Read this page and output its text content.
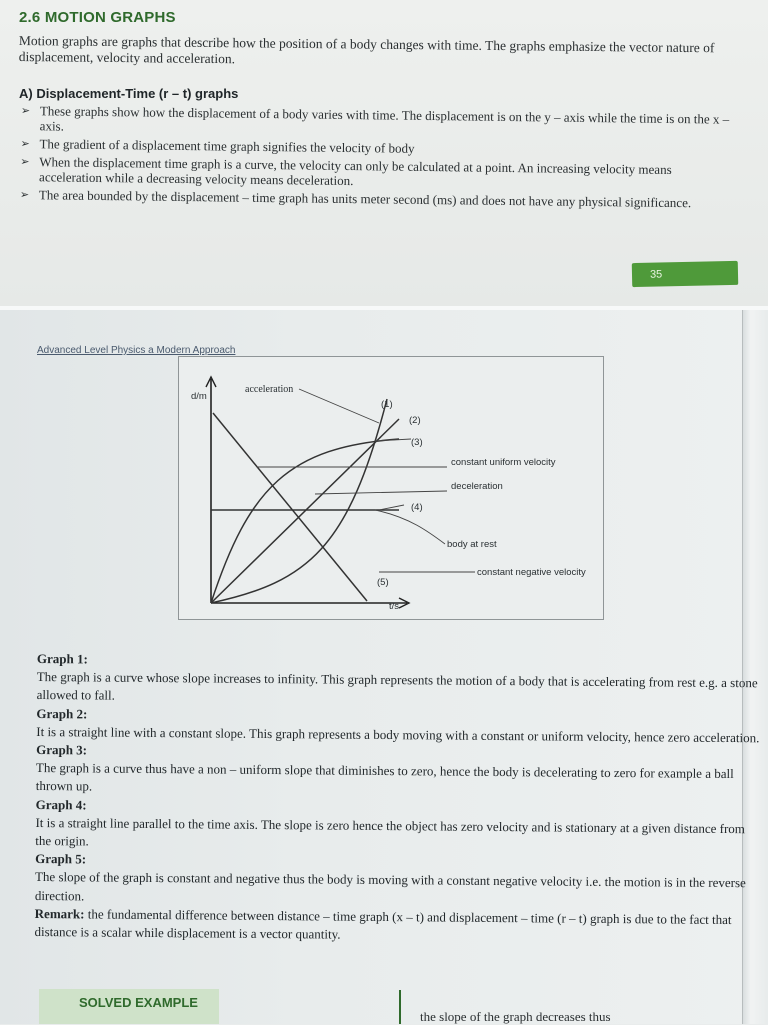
2.6 MOTION GRAPHS
Motion graphs are graphs that describe how the position of a body changes with time. The graphs emphasize the vector nature of displacement, velocity and acceleration.
A) Displacement-Time (r – t) graphs
➢ These graphs show how the displacement of a body varies with time. The displacement is on the y – axis while the time is on the x – axis.
➢ The gradient of a displacement time graph signifies the velocity of body
➢ When the displacement time graph is a curve, the velocity can only be calculated at a point. An increasing velocity means acceleration while a decreasing velocity means deceleration.
➢ The area bounded by the displacement – time graph has units meter second (ms) and does not have any physical significance.
35
Advanced Level Physics a Modern Approach
d/m
t/s
acceleration
(1)
(2)
(3)
(4)
(5)
constant uniform velocity
deceleration
body at rest
constant negative velocity
Graph 1:
The graph is a curve whose slope increases to infinity. This graph represents the motion of a body that is accelerating from rest e.g. a stone allowed to fall.
Graph 2:
It is a straight line with a constant slope. This graph represents a body moving with a constant or uniform velocity, hence zero acceleration.
Graph 3:
The graph is a curve thus have a non – uniform slope that diminishes to zero, hence the body is decelerating to zero for example a ball thrown up.
Graph 4:
It is a straight line parallel to the time axis. The slope is zero hence the object has zero velocity and is stationary at a given distance from the origin.
Graph 5:
The slope of the graph is constant and negative thus the body is moving with a constant negative velocity i.e. the motion is in the reverse direction.
Remark: the fundamental difference between distance – time graph (x – t) and displacement – time (r – t) graph is due to the fact that distance is a scalar while displacement is a vector quantity.
SOLVED EXAMPLE
the slope of the graph decreases thus
